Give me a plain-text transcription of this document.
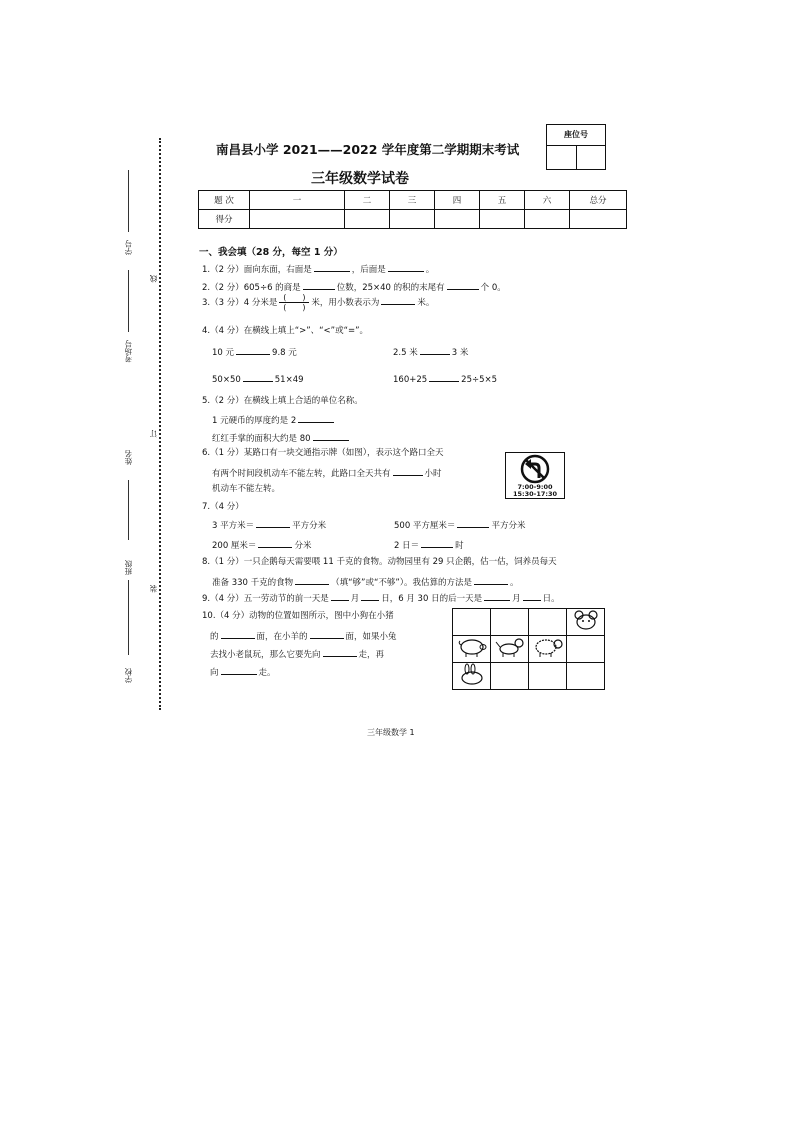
线
订
装
学号
考场号
姓名
班级
学校
座位号
南昌县小学 2021——2022 学年度第二学期期末考试
三年级数学试卷
题 次	一	二	三	四	五	六	总分
得分							
一、我会填（28 分，每空 1 分）
1.（2 分）面向东面，右面是	，后面是	。
2.（2 分）605÷6 的商是	位数，25×40 的积的末尾有	个 0。
3.（3 分）4 分米是 $\frac{( )}{( )}$ 米，用小数表示为	米。
4.（4 分）在横线上填上“>”、“<”或“=”。
10 元	9.8 元	2.5 米	3 米
50×50	51×49	160+25	25÷5×5
5.（2 分）在横线上填上合适的单位名称。
1 元硬币的厚度约是 2
红红手掌的面积大约是 80
6.（1 分）某路口有一块交通指示牌（如图），表示这个路口全天
有两个时间段机动车不能左转，此路口全天共有	小时
机动车不能左转。	7:00-9:00
15:30-17:30
7.（4 分）
3 平方米＝	平方分米	500 平方厘米＝	平方分米
200 厘米＝	分米	2 日＝	时
8.（1 分）一只企鹅每天需要喂 11 千克的食物。动物园里有 29 只企鹅，估一估，饲养员每天
准备 330 千克的食物	（填“够”或“不够”）。我估算的方法是	。
9.（4 分）五一劳动节的前一天是	月	日，6 月 30 日的后一天是	月	日。
10.（4 分）动物的位置如图所示，图中小狗在小猪
的	面，在小羊的	面，如果小兔
去找小老鼠玩，那么它要先向	走，再
向	走。

三年级数学 1
